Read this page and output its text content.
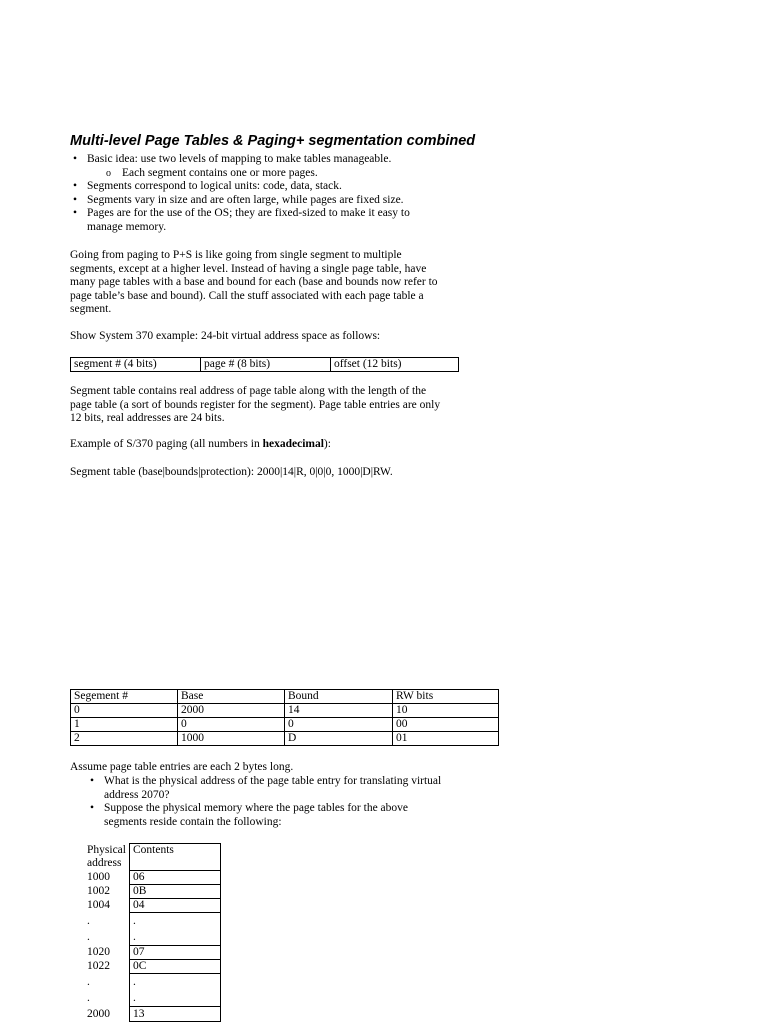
Multi-level Page Tables & Paging+ segmentation combined
• Basic idea: use two levels of mapping to make tables manageable.
o Each segment contains one or more pages.
• Segments correspond to logical units: code, data, stack.
• Segments vary in size and are often large, while pages are fixed size.
• Pages are for the use of the OS; they are fixed-sized to make it easy to
manage memory.

Going from paging to P+S is like going from single segment to multiple

segments, except at a higher level. Instead of having a single page table, have

many page tables with a base and bound for each (base and bounds now refer to

page table’s base and bound). Call the stuff associated with each page table a

segment.

Show System 370 example: 24-bit virtual address space as follows:
segment # (4 bits)	page # (8 bits)	offset (12 bits)

Segment table contains real address of page table along with the length of the

page table (a sort of bounds register for the segment). Page table entries are only

12 bits, real addresses are 24 bits.

Example of S/370 paging (all numbers in hexadecimal):
Segment table (base|bounds|protection): 2000|14|R, 0|0|0, 1000|D|RW.
Segement #	Base	Bound	RW bits
0	2000	14	10
1	0	0	00
2	1000	D	01
Assume page table entries are each 2 bytes long.
• What is the physical address of the page table entry for translating virtual
address 2070?
• Suppose the physical memory where the page tables for the above
segments reside contain the following:
Physical
address	Contents
1000	06
1002	0B
1004	04
.
.	.
.
1020	07
1022	0C
.
.	.
.
2000	13
